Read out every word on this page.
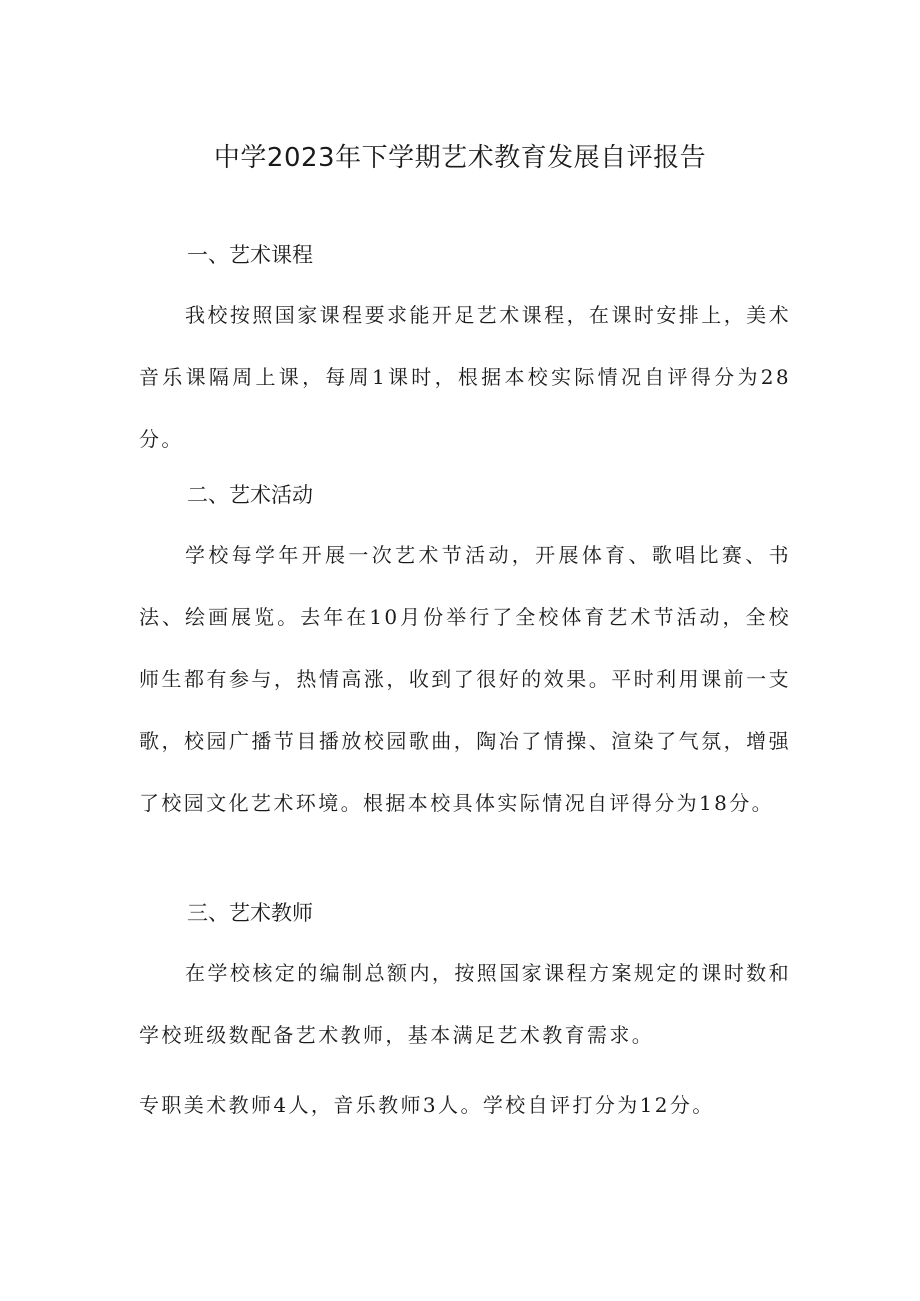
中学2023年下学期艺术教育发展自评报告
一、艺术课程

我校按照国家课程要求能开足艺术课程，在课时安排上，美术音乐课隔周上课，每周1课时，根据本校实际情况自评得分为28分。

二、艺术活动

学校每学年开展一次艺术节活动，开展体育、歌唱比赛、书法、绘画展览。去年在10月份举行了全校体育艺术节活动，全校师生都有参与，热情高涨，收到了很好的效果。平时利用课前一支歌，校园广播节目播放校园歌曲，陶冶了情操、渲染了气氛，增强了校园文化艺术环境。根据本校具体实际情况自评得分为18分。

三、艺术教师

在学校核定的编制总额内，按照国家课程方案规定的课时数和学校班级数配备艺术教师，基本满足艺术教育需求。

专职美术教师4人，音乐教师3人。学校自评打分为12分。
